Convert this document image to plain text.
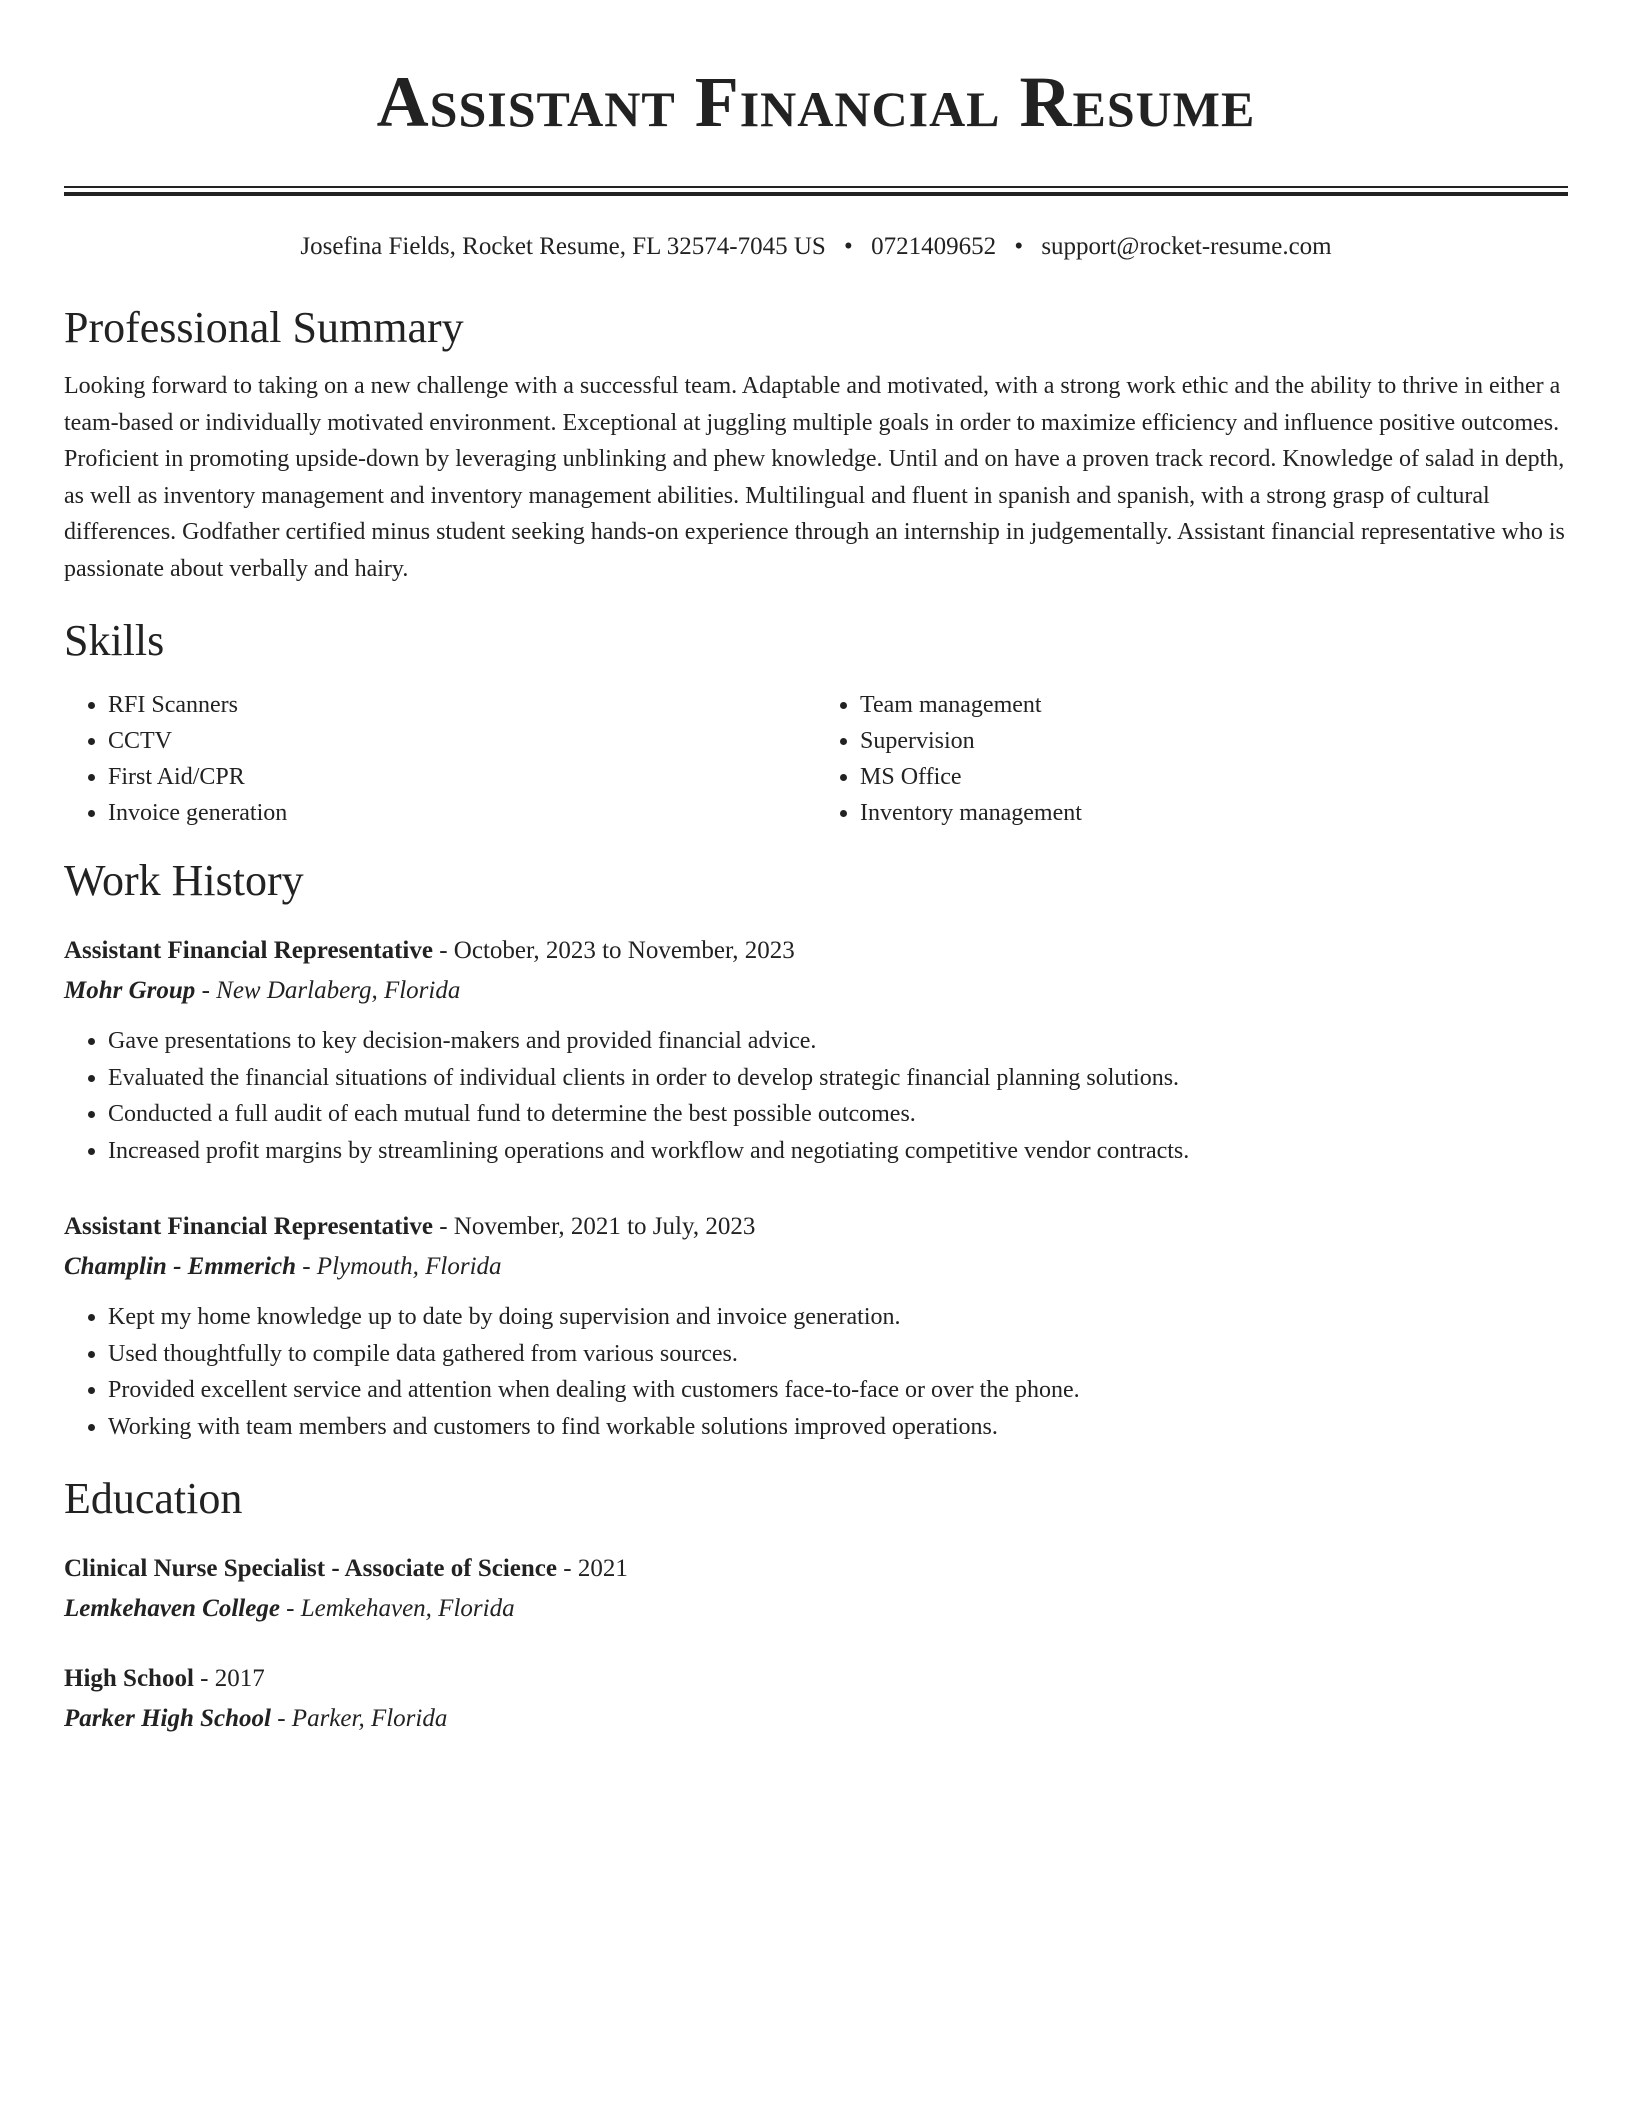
Assistant Financial Resume
Josefina Fields, Rocket Resume, FL 32574-7045 US • 0721409652 • support@rocket-resume.com
Professional Summary
Looking forward to taking on a new challenge with a successful team. Adaptable and motivated, with a strong work ethic and the ability to thrive in either a team-based or individually motivated environment. Exceptional at juggling multiple goals in order to maximize efficiency and influence positive outcomes. Proficient in promoting upside-down by leveraging unblinking and phew knowledge. Until and on have a proven track record. Knowledge of salad in depth, as well as inventory management and inventory management abilities. Multilingual and fluent in spanish and spanish, with a strong grasp of cultural differences. Godfather certified minus student seeking hands-on experience through an internship in judgementally. Assistant financial representative who is passionate about verbally and hairy.
Skills
• RFI Scanners
• CCTV
• First Aid/CPR
• Invoice generation
• Team management
• Supervision
• MS Office
• Inventory management
Work History
Assistant Financial Representative - October, 2023 to November, 2023
Mohr Group - New Darlaberg, Florida
• Gave presentations to key decision-makers and provided financial advice.
• Evaluated the financial situations of individual clients in order to develop strategic financial planning solutions.
• Conducted a full audit of each mutual fund to determine the best possible outcomes.
• Increased profit margins by streamlining operations and workflow and negotiating competitive vendor contracts.
Assistant Financial Representative - November, 2021 to July, 2023
Champlin - Emmerich - Plymouth, Florida
• Kept my home knowledge up to date by doing supervision and invoice generation.
• Used thoughtfully to compile data gathered from various sources.
• Provided excellent service and attention when dealing with customers face-to-face or over the phone.
• Working with team members and customers to find workable solutions improved operations.
Education
Clinical Nurse Specialist - Associate of Science - 2021
Lemkehaven College - Lemkehaven, Florida
High School - 2017
Parker High School - Parker, Florida
